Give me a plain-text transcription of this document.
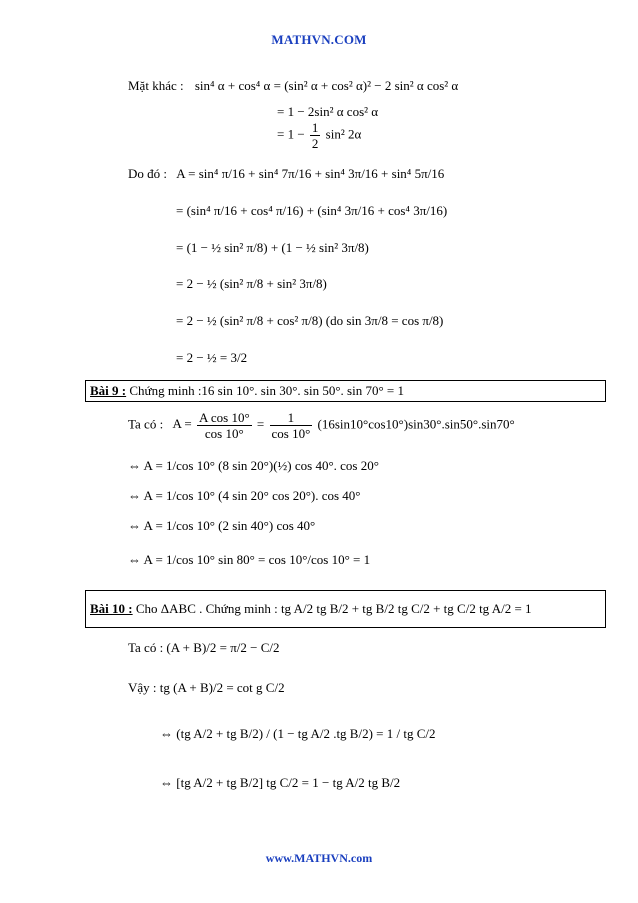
MATHVN.COM
Mặt khác : sin⁴ α + cos⁴ α = (sin² α + cos² α)² − 2 sin² α cos² α
= 1 − 2sin² α cos² α
= $1 - \frac{1}{2} \sin^2$ 2α
Do đó : A = sin⁴ π/16 + sin⁴ 7π/16 + sin⁴ 3π/16 + sin⁴ 5π/16
= (sin⁴ π/16 + cos⁴ π/16) + (sin⁴ 3π/16 + cos⁴ 3π/16)
= (1 − ½ sin² π/8) + (1 − ½ sin² 3π/8)
= 2 − ½ (sin² π/8 + sin² 3π/8)
= 2 − ½ (sin² π/8 + cos² π/8) (do sin 3π/8 = cos π/8)
= 2 − ½ = 3/2
Bài 9 : Chứng minh :16 sin 10°. sin 30°. sin 50°. sin 70° = 1
Ta có : $A = \frac{\text{A cos 10°}}{\cos 10^\circ} = \frac{1}{\cos 10^\circ} (16\sin 10^\circ\cos 10^\circ)\sin 30^\circ.\sin 50^\circ.\sin 70^\circ$
⇔ A = 1/cos 10° (8 sin 20°)(½) cos 40°. cos 20°
⇔ A = 1/cos 10° (4 sin 20° cos 20°). cos 40°
⇔ A = 1/cos 10° (2 sin 40°) cos 40°
⇔ A = 1/cos 10° sin 80° = cos 10°/cos 10° = 1
Bài 10 : Cho ΔABC . Chứng minh : tg A/2 tg B/2 + tg B/2 tg C/2 + tg C/2 tg A/2 = 1
Ta có : (A + B)/2 = π/2 − C/2
Vậy : tg (A + B)/2 = cot g C/2
⇔ (tg A/2 + tg B/2) / (1 − tg A/2 .tg B/2) = 1 / tg C/2
⇔ [tg A/2 + tg B/2] tg C/2 = 1 − tg A/2 tg B/2
www.MATHVN.com
